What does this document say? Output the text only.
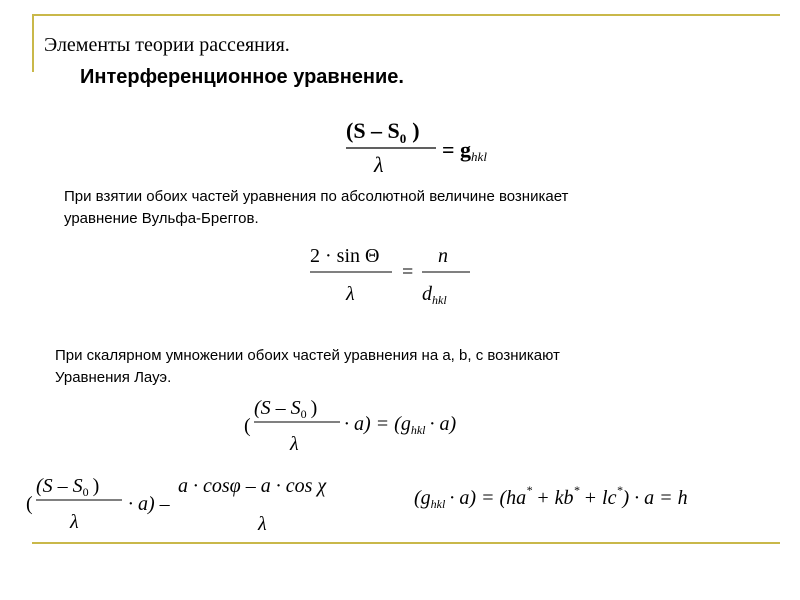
Элементы теории рассеяния.
Интерференционное уравнение.
($S - S_0$ )
λ
= ghkl
При взятии обоих частей уравнения по абсолютной величине возникает
уравнение Вульфа-Бреггов.
2 · sin Θ
λ
=
n
$d_{hkl}$
При скалярном умножении обоих частей уравнения на a, b, c возникают
Уравнения Лауэ.
(
($S - S_0$ )
λ
· $a) = (g_{hkl} \cdot a)$
(
($S - S_0$ )
λ
· a) –
a · cosφ – a · cos χ
λ
$(g_{hkl} \cdot a) = (ha^* + kb^* + lc^*) \cdot a = h$
